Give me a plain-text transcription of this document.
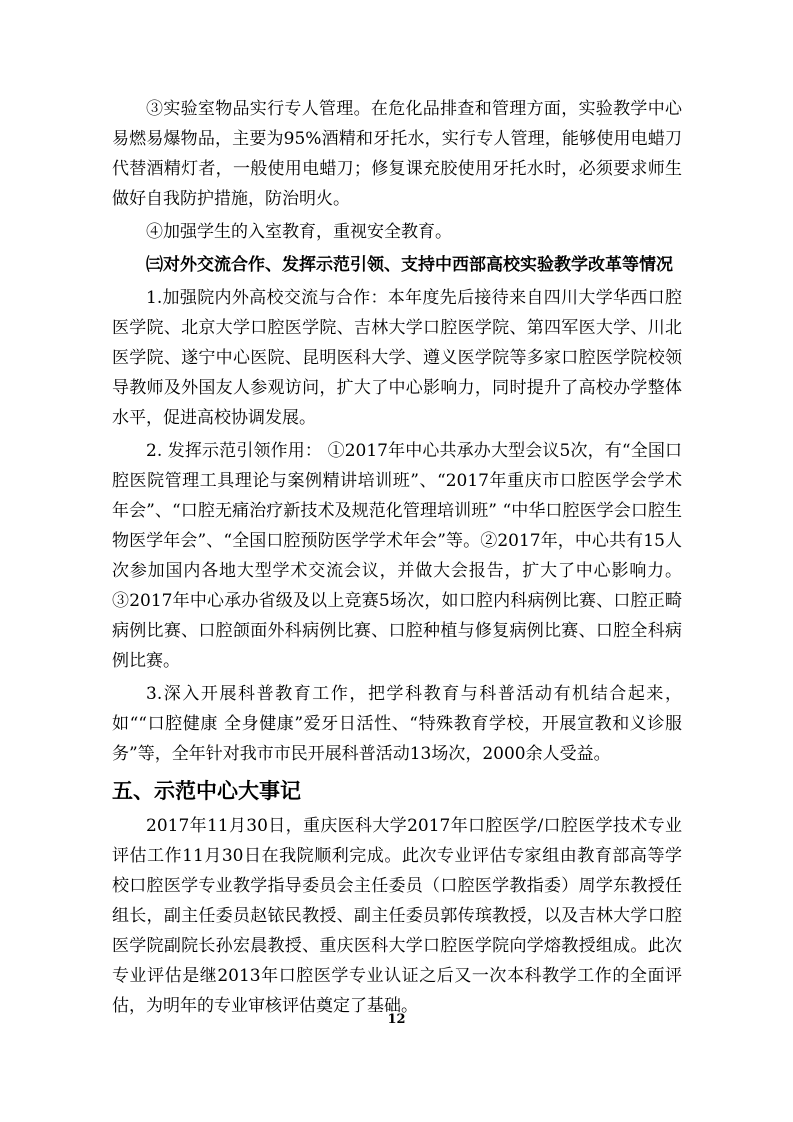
③实验室物品实行专人管理。在危化品排查和管理方面，实验教学中心易燃易爆物品，主要为95%酒精和牙托水，实行专人管理，能够使用电蜡刀代替酒精灯者，一般使用电蜡刀；修复课充胶使用牙托水时，必须要求师生做好自我防护措施，防治明火。

④加强学生的入室教育，重视安全教育。

㈢对外交流合作、发挥示范引领、支持中西部高校实验教学改革等情况

1.加强院内外高校交流与合作：本年度先后接待来自四川大学华西口腔医学院、北京大学口腔医学院、吉林大学口腔医学院、第四军医大学、川北医学院、遂宁中心医院、昆明医科大学、遵义医学院等多家口腔医学院校领导教师及外国友人参观访问，扩大了中心影响力，同时提升了高校办学整体水平，促进高校协调发展。

2. 发挥示范引领作用： ①2017年中心共承办大型会议5次，有“全国口腔医院管理工具理论与案例精讲培训班”、“2017年重庆市口腔医学会学术年会”、“口腔无痛治疗新技术及规范化管理培训班” “中华口腔医学会口腔生物医学年会”、“全国口腔预防医学学术年会”等。②2017年，中心共有15人次参加国内各地大型学术交流会议，并做大会报告，扩大了中心影响力。③2017年中心承办省级及以上竞赛5场次，如口腔内科病例比赛、口腔正畸病例比赛、口腔颌面外科病例比赛、口腔种植与修复病例比赛、口腔全科病例比赛。

3.深入开展科普教育工作，把学科教育与科普活动有机结合起来，如““口腔健康 全身健康”爱牙日活性、“特殊教育学校，开展宣教和义诊服务”等，全年针对我市市民开展科普活动13场次，2000余人受益。

五、示范中心大事记

2017年11月30日，重庆医科大学2017年口腔医学/口腔医学技术专业评估工作11月30日在我院顺利完成。此次专业评估专家组由教育部高等学校口腔医学专业教学指导委员会主任委员（口腔医学教指委）周学东教授任组长，副主任委员赵铱民教授、副主任委员郭传瑸教授，以及吉林大学口腔医学院副院长孙宏晨教授、重庆医科大学口腔医学院向学熔教授组成。此次专业评估是继2013年口腔医学专业认证之后又一次本科教学工作的全面评估，为明年的专业审核评估奠定了基础。

12
